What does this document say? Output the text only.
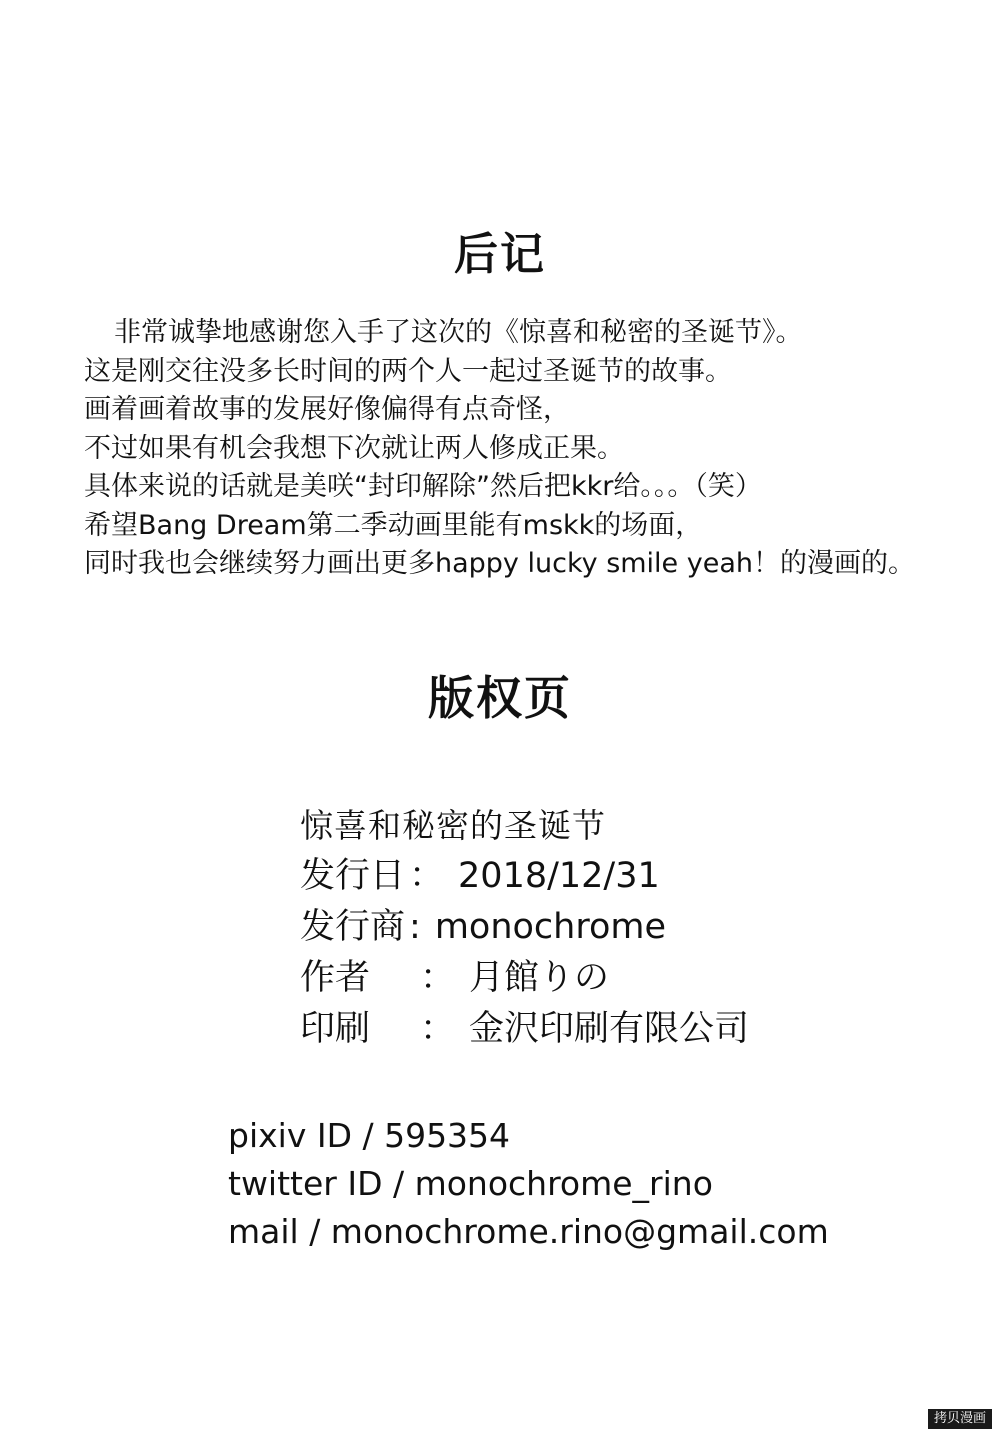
后记
非常诚挚地感谢您入手了这次的《惊喜和秘密的圣诞节》。
这是刚交往没多长时间的两个人一起过圣诞节的故事。
画着画着故事的发展好像偏得有点奇怪，
不过如果有机会我想下次就让两人修成正果。
具体来说的话就是美咲“封印解除”然后把kkr给。。。（笑）
希望Bang Dream第二季动画里能有mskk的场面，
同时我也会继续努力画出更多happy lucky smile yeah！的漫画的。
版权页
惊喜和秘密的圣诞节
发行日 ： 2018/12/31
发行商 : monochrome
作者	： 月館りの
印刷	： 金沢印刷有限公司
pixiv ID / 595354
twitter ID / monochrome_rino
mail / monochrome.rino@gmail.com
拷贝漫画
